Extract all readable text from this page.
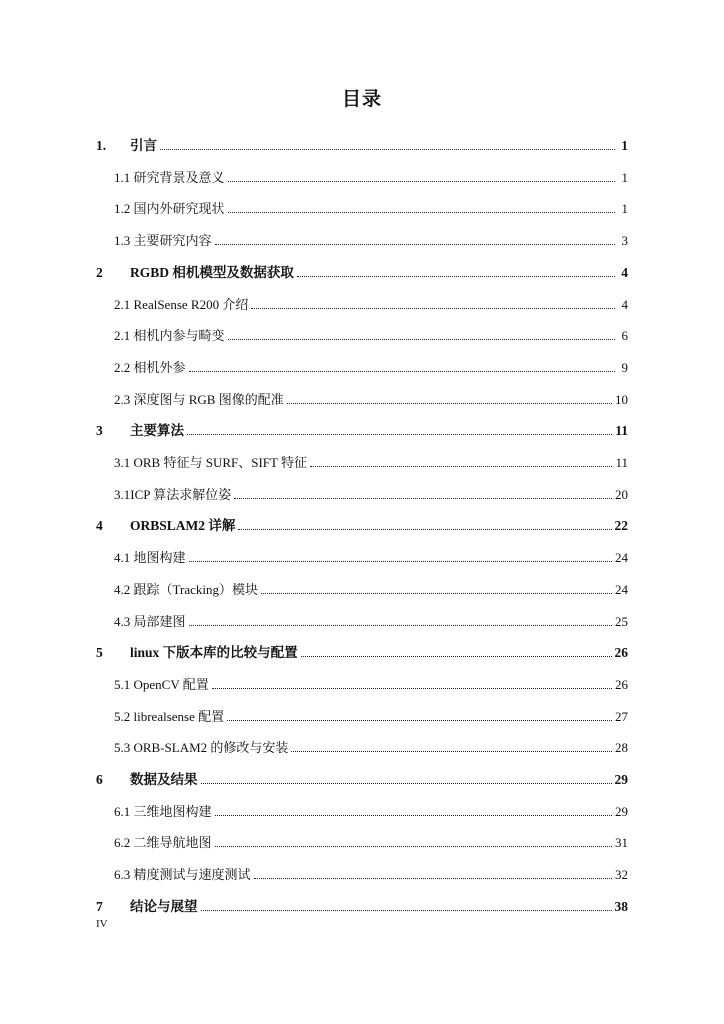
目录
1.	引言	1
1.1 研究背景及意义	1
1.2 国内外研究现状	1
1.3 主要研究内容	3
2	RGBD 相机模型及数据获取	4
2.1 RealSense R200 介绍	4
2.1 相机内参与畸变	6
2.2 相机外参	9
2.3 深度图与 RGB 图像的配准	10
3	主要算法	11
3.1 ORB 特征与 SURF、SIFT 特征	11
3.1ICP 算法求解位姿	20
4	ORBSLAM2 详解	22
4.1 地图构建	24
4.2 跟踪（Tracking）模块	24
4.3 局部建图	25
5	linux 下版本库的比较与配置	26
5.1 OpenCV 配置	26
5.2 librealsense 配置	27
5.3 ORB-SLAM2 的修改与安装	28
6	数据及结果	29
6.1 三维地图构建	29
6.2 二维导航地图	31
6.3 精度测试与速度测试	32
7	结论与展望	38
IV
